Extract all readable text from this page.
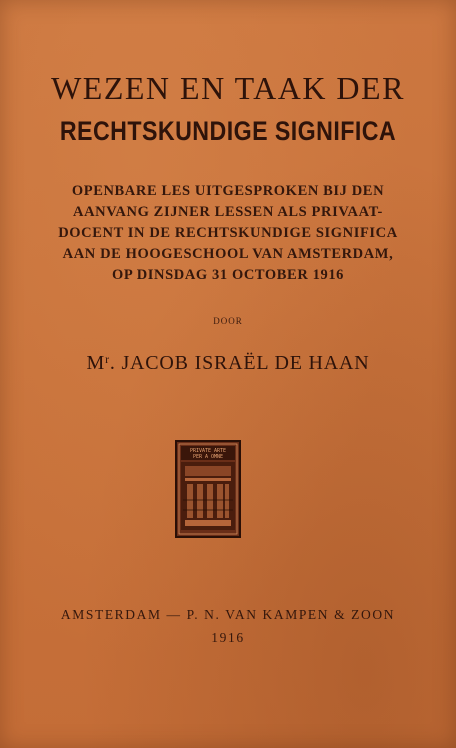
WEZEN EN TAAK DER
RECHTSKUNDIGE SIGNIFICA
OPENBARE LES UITGESPROKEN BIJ DEN
AANVANG ZIJNER LESSEN ALS PRIVAAT-
DOCENT IN DE RECHTSKUNDIGE SIGNIFICA
AAN DE HOOGESCHOOL VAN AMSTERDAM,
OP DINSDAG 31 OCTOBER 1916
DOOR
$M^r$. JACOB ISRAËL DE HAAN
PRIVATE ARTE
PER A OMNE
AMSTERDAM — P. N. VAN KAMPEN & ZOON
1916
